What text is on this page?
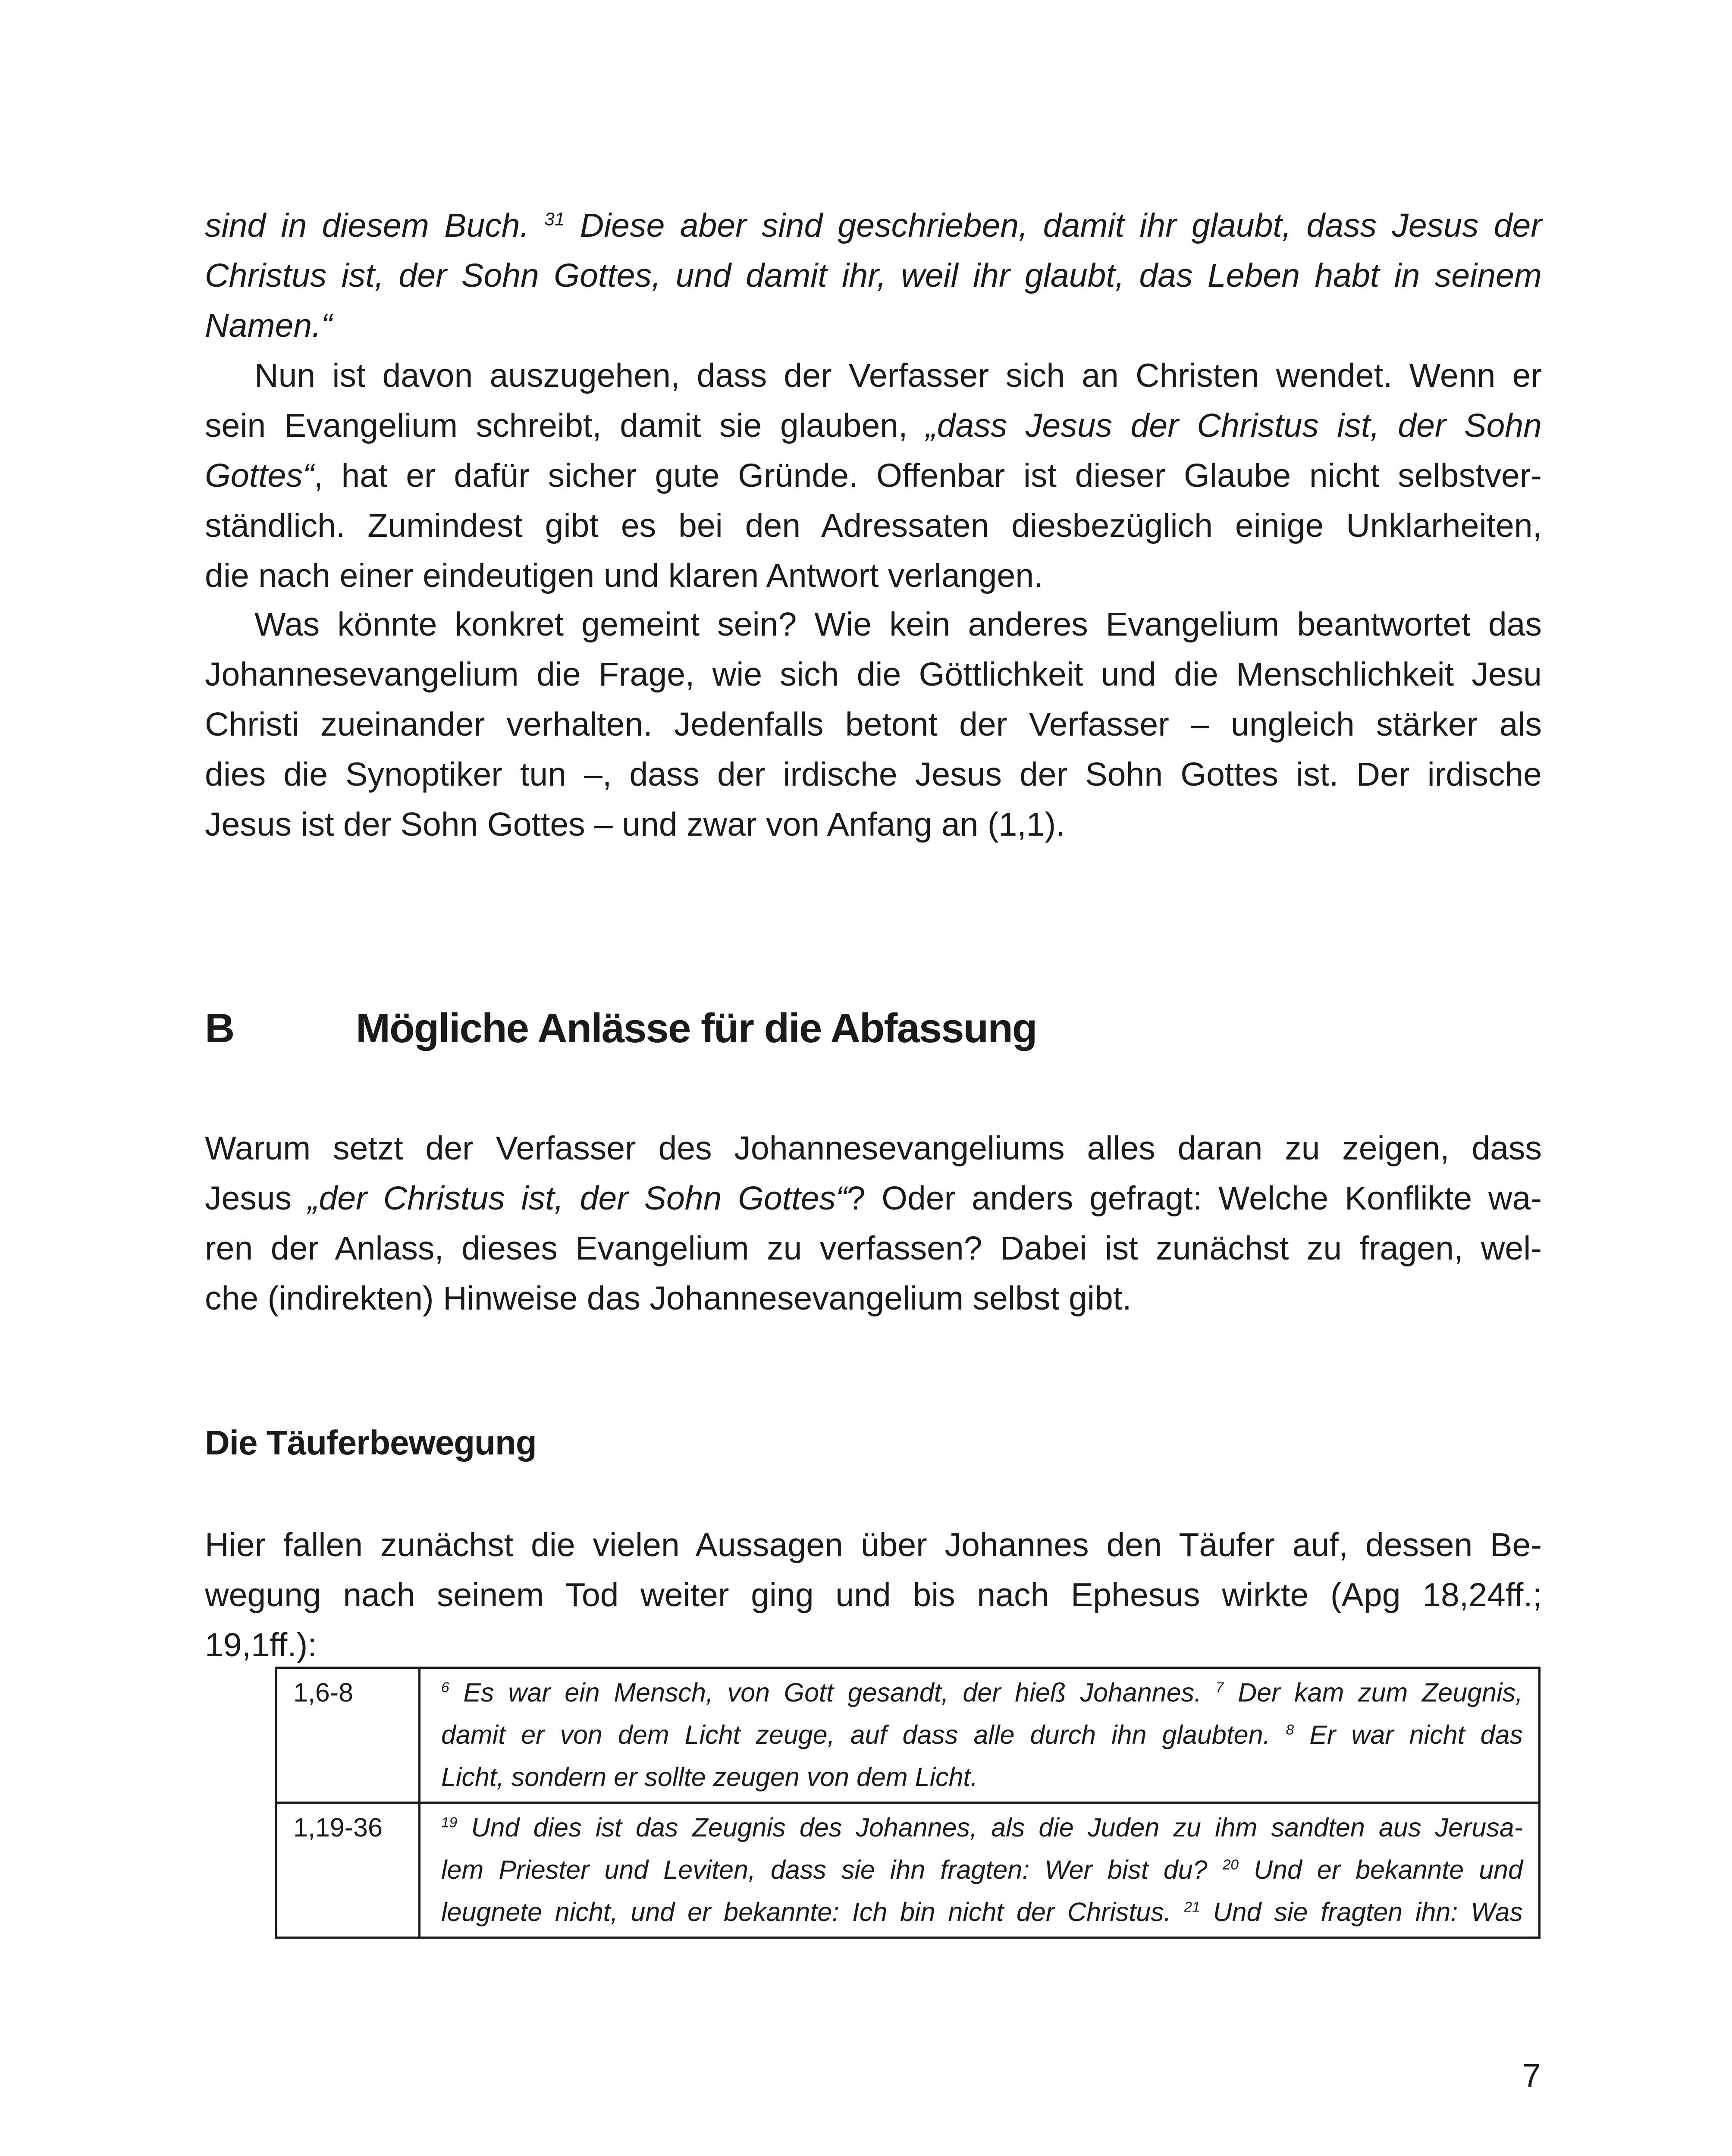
sind in diesem Buch. $^{31}$ Diese aber sind geschrieben, damit ihr glaubt, dass Jesus der
Christus ist, der Sohn Gottes, und damit ihr, weil ihr glaubt, das Leben habt in seinem
Namen.“

Nun ist davon auszugehen, dass der Verfasser sich an Christen wendet. Wenn er
sein Evangelium schreibt, damit sie glauben, „dass Jesus der Christus ist, der Sohn
Gottes“, hat er dafür sicher gute Gründe. Offenbar ist dieser Glaube nicht selbstver-
ständlich. Zumindest gibt es bei den Adressaten diesbezüglich einige Unklarheiten,
die nach einer eindeutigen und klaren Antwort verlangen.

Was könnte konkret gemeint sein? Wie kein anderes Evangelium beantwortet das
Johannesevangelium die Frage, wie sich die Göttlichkeit und die Menschlichkeit Jesu
Christi zueinander verhalten. Jedenfalls betont der Verfasser – ungleich stärker als
dies die Synoptiker tun –, dass der irdische Jesus der Sohn Gottes ist. Der irdische
Jesus ist der Sohn Gottes – und zwar von Anfang an (1,1).

B	Mögliche Anlässe für die Abfassung

Warum setzt der Verfasser des Johannesevangeliums alles daran zu zeigen, dass
Jesus „der Christus ist, der Sohn Gottes“? Oder anders gefragt: Welche Konflikte wa-
ren der Anlass, dieses Evangelium zu verfassen? Dabei ist zunächst zu fragen, wel-
che (indirekten) Hinweise das Johannesevangelium selbst gibt.

Die Täuferbewegung

Hier fallen zunächst die vielen Aussagen über Johannes den Täufer auf, dessen Be-
wegung nach seinem Tod weiter ging und bis nach Ephesus wirkte (Apg 18,24ff.;
19,1ff.):

1,6-8	$^6$ Es war ein Mensch, von Gott gesandt, der hieß Johannes. $^7$ Der kam zum Zeugnis,
damit er von dem Licht zeuge, auf dass alle durch ihn glaubten. $^8$ Er war nicht das
Licht, sondern er sollte zeugen von dem Licht.

1,19-36	$^{19}$ Und dies ist das Zeugnis des Johannes, als die Juden zu ihm sandten aus Jerusa-
lem Priester und Leviten, dass sie ihn fragten: Wer bist du? $^{20}$ Und er bekannte und
leugnete nicht, und er bekannte: Ich bin nicht der Christus. $^{21}$ Und sie fragten ihn: Was
7
